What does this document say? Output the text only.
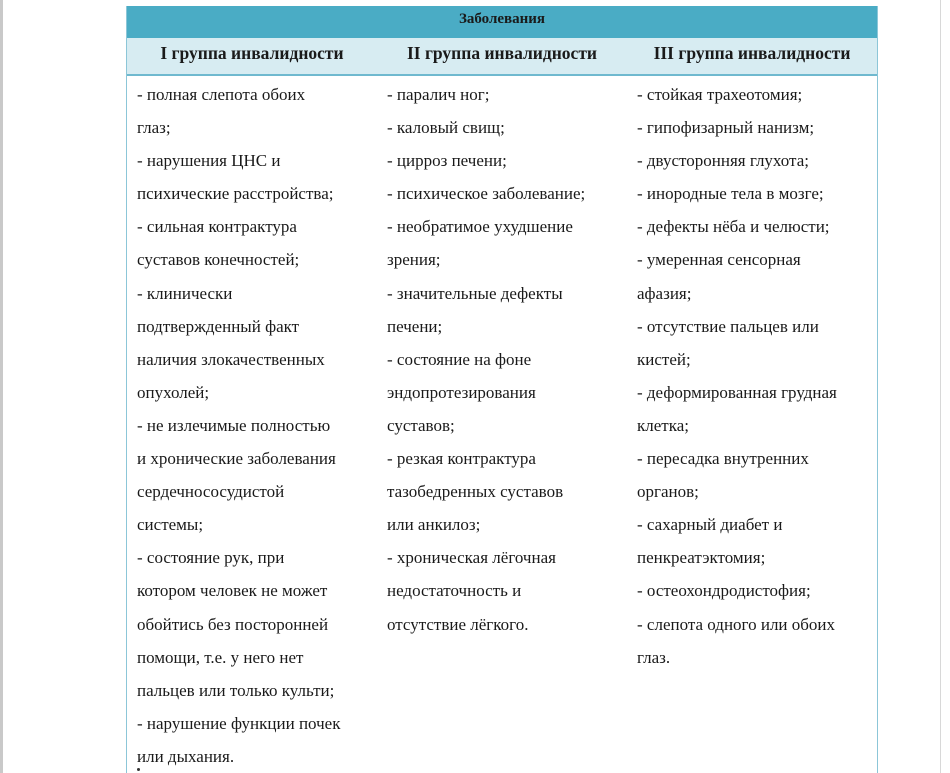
Заболевания
I группа инвалидности	II группа инвалидности	III группа инвалидности
- полная слепота обоих
глаз;
- нарушения ЦНС и
психические расстройства;
- сильная контрактура
суставов конечностей;
- клинически
подтвержденный факт
наличия злокачественных
опухолей;
- не излечимые полностью
и хронические заболевания
сердечнососудистой
системы;
- состояние рук, при
котором человек не может
обойтись без посторонней
помощи, т.е. у него нет
пальцев или только культи;
- нарушение функции почек
или дыхания.
- паралич ног;
- каловый свищ;
- цирроз печени;
- психическое заболевание;
- необратимое ухудшение
зрения;
- значительные дефекты
печени;
- состояние на фоне
эндопротезирования
суставов;
- резкая контрактура
тазобедренных суставов
или анкилоз;
- хроническая лёгочная
недостаточность и
отсутствие лёгкого.
- стойкая трахеотомия;
- гипофизарный нанизм;
- двусторонняя глухота;
- инородные тела в мозге;
- дефекты нёба и челюсти;
- умеренная сенсорная
афазия;
- отсутствие пальцев или
кистей;
- деформированная грудная
клетка;
- пересадка внутренних
органов;
- сахарный диабет и
пенкреатэктомия;
- остеохондродистофия;
- слепота одного или обоих
глаз.
